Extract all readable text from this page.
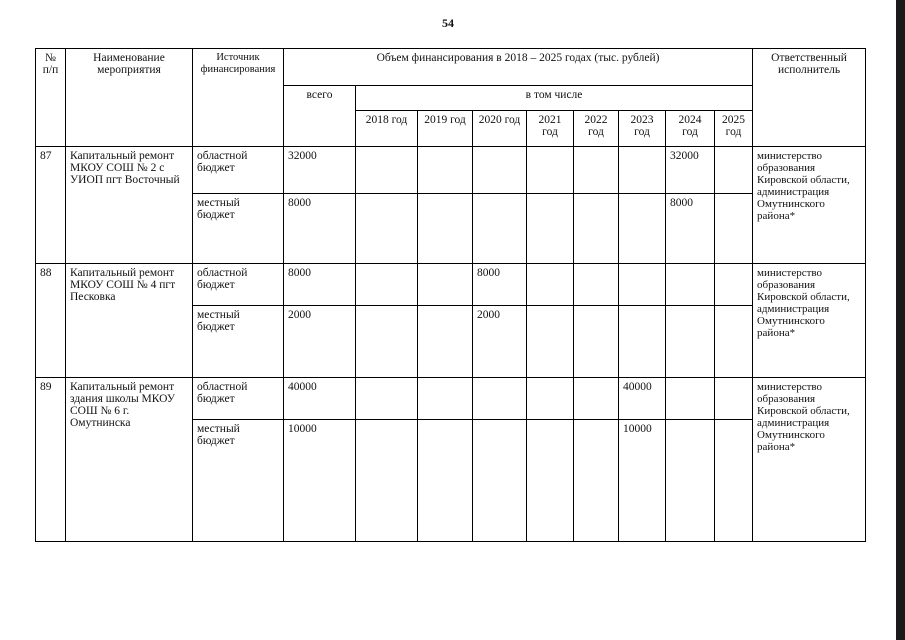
54
№ п/п	Наименование мероприятия	Источник финансирования	Объем финансирования в 2018 – 2025 годах (тыс. рублей)									Ответственный исполнитель
			всего	в том числе								
				2018 год	2019 год	2020 год	2021 год	2022 год	2023 год	2024 год	2025 год	
87	Капитальный ремонт МКОУ СОШ № 2 с УИОП пгт Восточный	областной бюджет	32000							32000		министерство образования Кировской области, администрация Омутнинского района*
		местный бюджет	8000							8000		
88	Капитальный ремонт МКОУ СОШ № 4 пгт Песковка	областной бюджет	8000			8000						министерство образования Кировской области, администрация Омутнинского района*
		местный бюджет	2000			2000						
89	Капитальный ремонт здания школы МКОУ СОШ № 6 г. Омутнинска	областной бюджет	40000						40000			министерство образования Кировской области, администрация Омутнинского района*
		местный бюджет	10000						10000			
